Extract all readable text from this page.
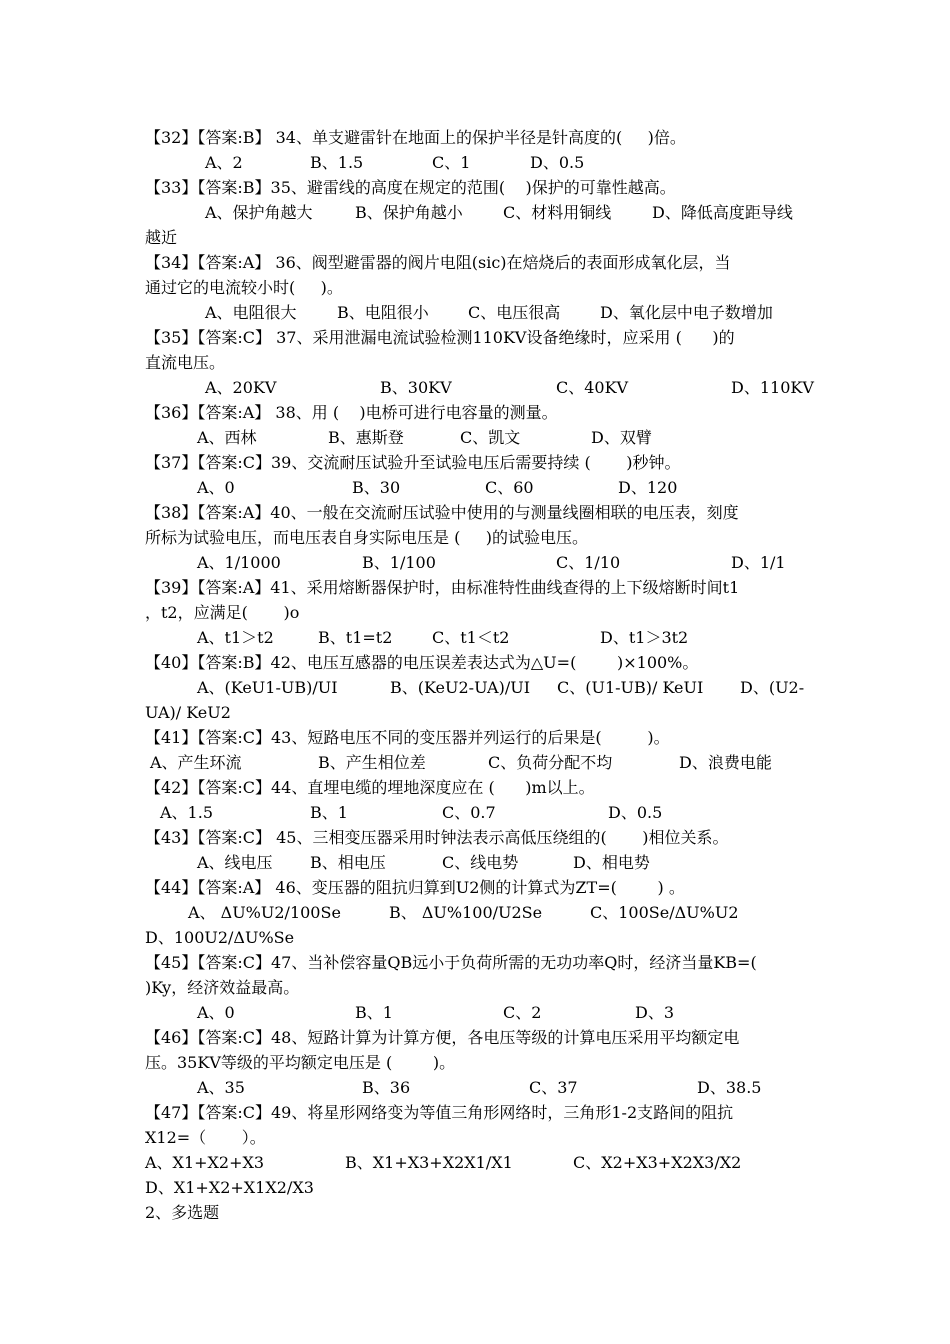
【32】【答案:B】 34、单支避雷针在地面上的保护半径是针高度的(     )倍。
A、2	B、1.5	C、1	D、0.5
【33】【答案:B】35、避雷线的高度在规定的范围(    )保护的可靠性越高。
A、保护角越大	B、保护角越小	C、材料用铜线	D、降低高度距导线
越近
【34】【答案:A】 36、阀型避雷器的阀片电阻(sic)在焙烧后的表面形成氧化层，当
通过它的电流较小时(     )。
A、电阻很大	B、电阻很小 C、电压很高 D、氧化层中电子数增加
【35】【答案:C】 37、采用泄漏电流试验检测110KV设备绝缘时，应采用 (      )的
直流电压。
A、20KV	B、30KV	C、40KV	D、110KV
【36】【答案:A】 38、用 (    )电桥可进行电容量的测量。
A、西林	B、惠斯登	C、凯文	D、双臂
【37】【答案:C】39、交流耐压试验升至试验电压后需要持续 (       )秒钟。
A、0	B、30	C、60	D、120
【38】【答案:A】40、一般在交流耐压试验中使用的与测量线圈相联的电压表，刻度
所标为试验电压，而电压表自身实际电压是 (     )的试验电压。
A、1/1000	B、1/100	C、1/10	D、1/1
【39】【答案:A】41、采用熔断器保护时，由标准特性曲线查得的上下级熔断时间t1
，t2，应满足(       )o
A、t1＞t2	B、t1=t2 C、t1＜t2	D、t1＞3t2
【40】【答案:B】42、电压互感器的电压误差表达式为△U=(        )×100%。
A、(KeU1-UB)/UI	B、(KeU2-UA)/UI C、(U1-UB)/ KeUI D、(U2-
UA)/ KeU2
【41】【答案:C】43、短路电压不同的变压器并列运行的后果是(         )。
A、产生环流	B、产生相位差	C、负荷分配不均	D、浪费电能
【42】【答案:C】44、直埋电缆的埋地深度应在 (      )m以上。
A、1.5	B、1	C、0.7	D、0.5
【43】【答案:C】 45、三相变压器采用时钟法表示高低压绕组的(       )相位关系。
A、线电压 B、相电压	C、线电势	D、相电势
【44】【答案:A】 46、变压器的阻抗归算到U2侧的计算式为ZT=(        ) 。
A、 ΔU%U2/100Se	B、 ΔU%100/U2Se	C、100Se/ΔU%U2
D、100U2/ΔU%Se
【45】【答案:C】47、当补偿容量QB远小于负荷所需的无功功率Q时，经济当量KB=(
)Ky，经济效益最高。
A、0	B、1	C、2	D、3
【46】【答案:C】48、短路计算为计算方便，各电压等级的计算电压采用平均额定电
压。35KV等级的平均额定电压是 (        )。
A、35	B、36	C、37	D、38.5
【47】【答案:C】49、将星形网络变为等值三角形网络时，三角形1-2支路间的阻抗
X12=（       ）。
A、X1+X2+X3	B、X1+X3+X2X1/X1	C、X2+X3+X2X3/X2
D、X1+X2+X1X2/X3
2、多选题
